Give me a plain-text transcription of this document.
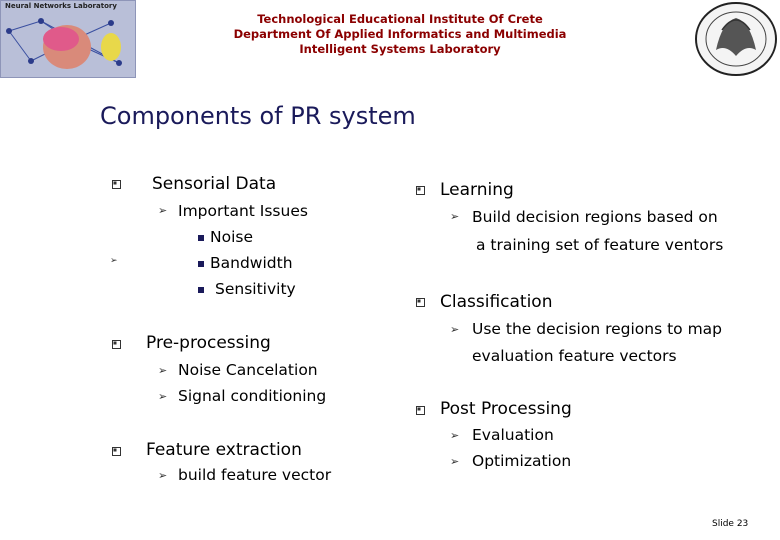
Neural Networks Laboratory
Technological Educational Institute Of Crete
Department Of Applied Informatics and Multimedia
Intelligent Systems Laboratory
Components of PR system
Sensorial Data
➢ Important Issues
➢
Noise
Bandwidth
Sensitivity
Pre-processing
➢ Noise Cancelation
➢ Signal conditioning
Feature extraction
➢ build feature vector
Learning
➢ Build decision regions based on
a training set of feature ventors
Classification
➢ Use the decision regions to map
evaluation feature vectors
Post Processing
➢ Evaluation
➢ Optimization
Slide 23
